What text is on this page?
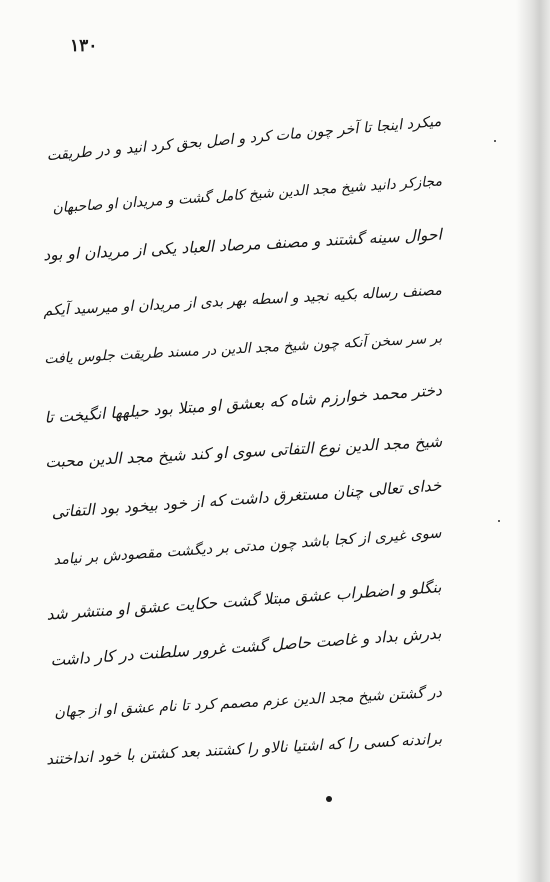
۱۳۰
میکرد اینجا تا آخر چون مات کرد و اصل بحق کرد انید و در طریقت
مجازکر دانید شیخ مجد الدین شیخ کامل گشت و مریدان او صاحبهان
احوال سینه گشتند و مصنف مرصاد العباد یکی از مریدان او بود
مصنف رساله بکیه نجید و اسطه بهر بدی از مریدان او میرسید آیکم
بر سر سخن آنکه چون شیخ مجد الدین در مسند طریقت جلوس یافت
دختر محمد خوارزم شاه که بعشق او مبتلا بود حیلهها انگیخت تا
شیخ مجد الدین نوع التفاتی سوی او کند شیخ مجد الدین محبت
خدای تعالی چنان مستغرق داشت که از خود بیخود بود التفاتی
سوی غیری از کجا باشد چون مدتی بر دیگشت مقصودش بر نیامد
بنگلو و اضطراب عشق مبتلا گشت حکایت عشق او منتشر شد
بدرش بداد و غاصت حاصل گشت غرور سلطنت در کار داشت
در گشتن شیخ مجد الدین عزم مصمم کرد تا نام عشق او از جهان
براندنه کسی را که اشتیا نالاو را کشتند بعد کشتن با خود انداختند
